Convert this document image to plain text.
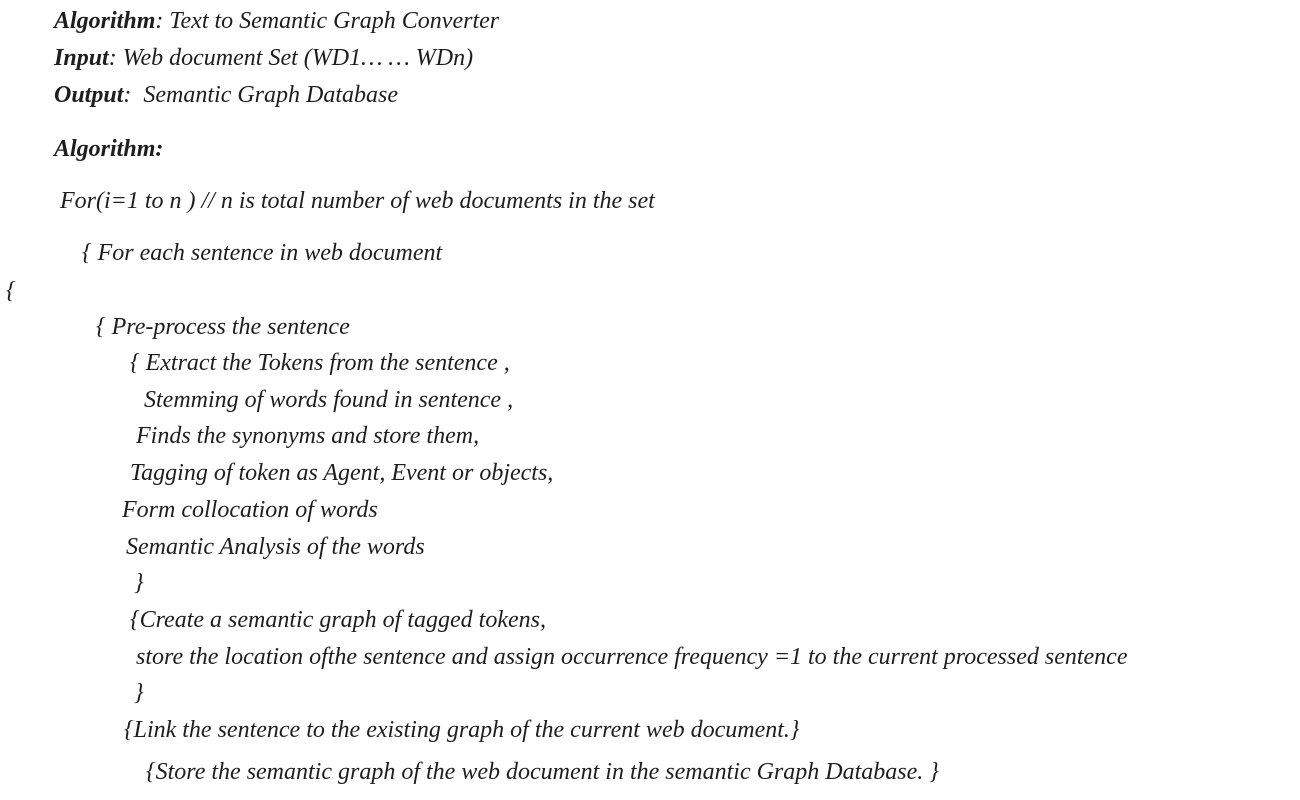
Algorithm: Text to Semantic Graph Converter

Input: Web document Set (WD1… … WDn)

Output:  Semantic Graph Database

Algorithm:

For(i=1 to n ) // n is total number of web documents in the set

{ For each sentence in web document

{

{ Pre-process the sentence

{ Extract the Tokens from the sentence ,

Stemming of words found in sentence ,

Finds the synonyms and store them,

Tagging of token as Agent, Event or objects,

Form collocation of words

Semantic Analysis of the words

}

{Create a semantic graph of tagged tokens,

store the location ofthe sentence and assign occurrence frequency =1 to the current processed sentence

}

{Link the sentence to the existing graph of the current web document.}

{Store the semantic graph of the web document in the semantic Graph Database. }
